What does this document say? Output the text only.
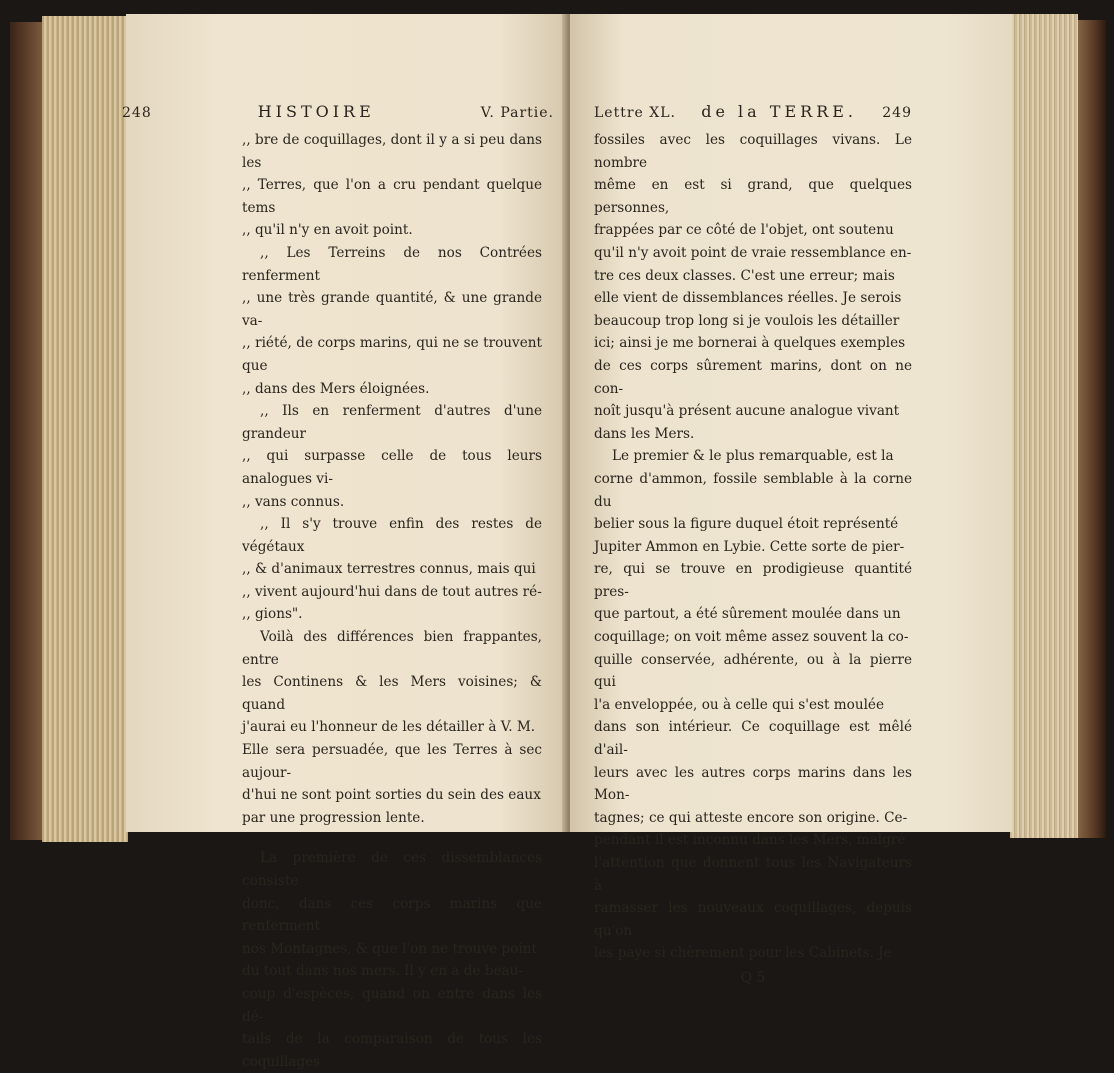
248	HISTOIRE	V. Partie.

,, bre de coquillages, dont il y a si peu dans les

,, Terres, que l'on a cru pendant quelque tems

,, qu'il n'y en avoit point.

,, Les Terreins de nos Contrées renferment

,, une très grande quantité, & une grande va-

,, riété, de corps marins, qui ne se trouvent que

,, dans des Mers éloignées.

,, Ils en renferment d'autres d'une grandeur

,, qui surpasse celle de tous leurs analogues vi-

,, vans connus.

,, Il s'y trouve enfin des restes de végétaux

,, & d'animaux terrestres connus, mais qui

,, vivent aujourd'hui dans de tout autres ré-

,, gions".

Voilà des différences bien frappantes, entre

les Continens & les Mers voisines; & quand

j'aurai eu l'honneur de les détailler à V. M.

Elle sera persuadée, que les Terres à sec aujour-

d'hui ne sont point sorties du sein des eaux

par une progression lente.

La première de ces dissemblances consiste

donc, dans ces corps marins que renferment

nos Montagnes, & que l'on ne trouve point

du tout dans nos mers. Il y en a de beau-

coup d'espèces, quand on entre dans les dé-

tails de la comparaison de tous les coquillages

Lettre XL. de la TERRE. 249

fossiles avec les coquillages vivans. Le nombre

même en est si grand, que quelques personnes,

frappées par ce côté de l'objet, ont soutenu

qu'il n'y avoit point de vraie ressemblance en-

tre ces deux classes. C'est une erreur; mais

elle vient de dissemblances réelles. Je serois

beaucoup trop long si je voulois les détailler

ici; ainsi je me bornerai à quelques exemples

de ces corps sûrement marins, dont on ne con-

noît jusqu'à présent aucune analogue vivant

dans les Mers.

Le premier & le plus remarquable, est la

corne d'ammon, fossile semblable à la corne du

belier sous la figure duquel étoit représenté

Jupiter Ammon en Lybie. Cette sorte de pier-

re, qui se trouve en prodigieuse quantité pres-

que partout, a été sûrement moulée dans un

coquillage; on voit même assez souvent la co-

quille conservée, adhérente, ou à la pierre qui

l'a enveloppée, ou à celle qui s'est moulée

dans son intérieur. Ce coquillage est mêlé d'ail-

leurs avec les autres corps marins dans les Mon-

tagnes; ce qui atteste encore son origine. Ce-

pendant il est inconnu dans les Mers, malgré

l'attention que donnent tous les Navigateurs à

ramasser les nouveaux coquillages, depuis qu'on

les paye si chèrement pour les Cabinets. Je

Q 5
